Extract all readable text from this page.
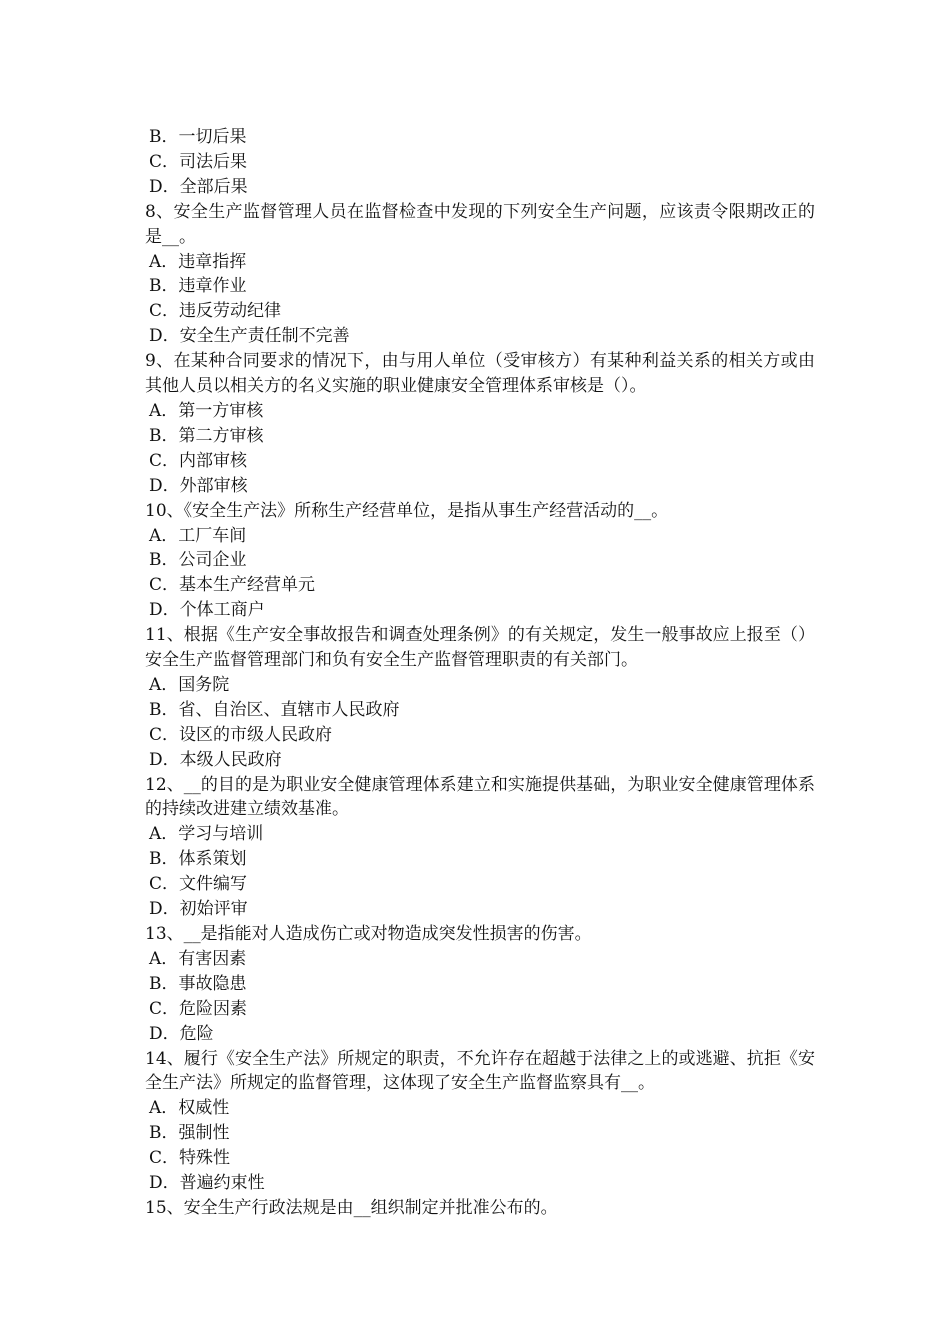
B．一切后果

C．司法后果

D．全部后果

8、安全生产监督管理人员在监督检查中发现的下列安全生产问题，应该责令限期改正的是__。

A．违章指挥

B．违章作业

C．违反劳动纪律

D．安全生产责任制不完善

9、在某种合同要求的情况下，由与用人单位（受审核方）有某种利益关系的相关方或由其他人员以相关方的名义实施的职业健康安全管理体系审核是（）。

A．第一方审核

B．第二方审核

C．内部审核

D．外部审核

10、《安全生产法》所称生产经营单位，是指从事生产经营活动的__。

A．工厂车间

B．公司企业

C．基本生产经营单元

D．个体工商户

11、根据《生产安全事故报告和调查处理条例》的有关规定，发生一般事故应上报至（）安全生产监督管理部门和负有安全生产监督管理职责的有关部门。

A．国务院

B．省、自治区、直辖市人民政府

C．设区的市级人民政府

D．本级人民政府

12、__的目的是为职业安全健康管理体系建立和实施提供基础，为职业安全健康管理体系的持续改进建立绩效基准。

A．学习与培训

B．体系策划

C．文件编写

D．初始评审

13、__是指能对人造成伤亡或对物造成突发性损害的伤害。

A．有害因素

B．事故隐患

C．危险因素

D．危险

14、履行《安全生产法》所规定的职责，不允许存在超越于法律之上的或逃避、抗拒《安全生产法》所规定的监督管理，这体现了安全生产监督监察具有__。

A．权威性

B．强制性

C．特殊性

D．普遍约束性

15、安全生产行政法规是由__组织制定并批准公布的。
